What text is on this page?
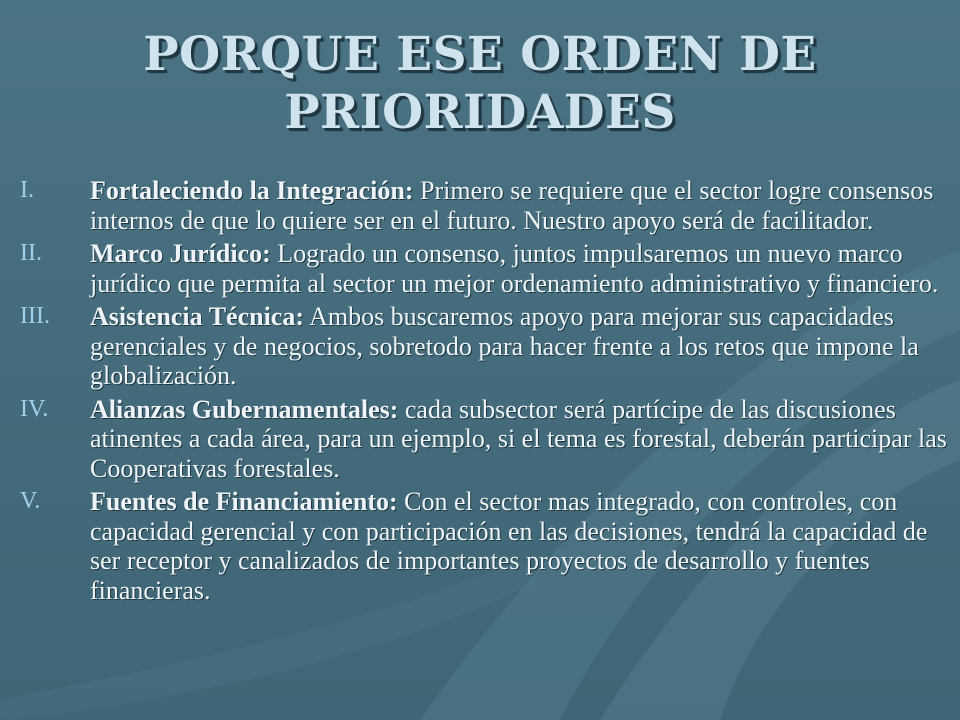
PORQUE ESE ORDEN DE PRIORIDADES
I.	Fortaleciendo la Integración: Primero se requiere que el sector logre consensos internos de que lo quiere ser en el futuro. Nuestro apoyo será de facilitador.
II.	Marco Jurídico: Logrado un consenso, juntos impulsaremos un nuevo marco jurídico que permita al sector un mejor ordenamiento administrativo y financiero.
III.	Asistencia Técnica: Ambos buscaremos apoyo para mejorar sus capacidades gerenciales y de negocios, sobretodo para hacer frente a los retos que impone la globalización.
IV.	Alianzas Gubernamentales: cada subsector será partícipe de las discusiones atinentes a cada área, para un ejemplo, si el tema es forestal, deberán participar las Cooperativas forestales.
V.	Fuentes de Financiamiento: Con el sector mas integrado, con controles, con capacidad gerencial y con participación en las decisiones, tendrá la capacidad de ser receptor y canalizados de importantes proyectos de desarrollo y fuentes financieras.
